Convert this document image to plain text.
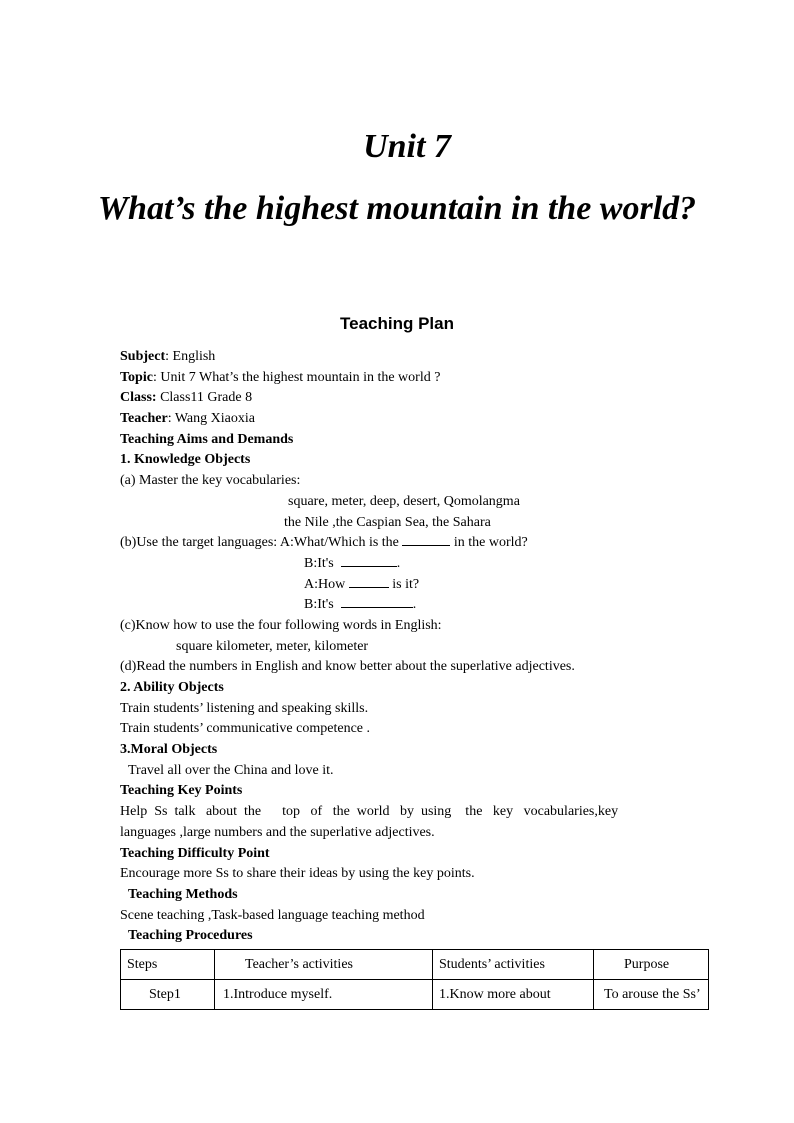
Unit 7
What’s the highest mountain in the world?
Teaching Plan
Subject: English
Topic: Unit 7 What’s the highest mountain in the world ?
Class: Class11 Grade 8
Teacher: Wang Xiaoxia
Teaching Aims and Demands
1. Knowledge Objects
(a) Master the key vocabularies:
square, meter, deep, desert, Qomolangma
the Nile ,the Caspian Sea, the Sahara
(b)Use the target languages: A:What/Which is the	in the world?
B:It's	.
A:How	is it?
B:It's	.
(c)Know how to use the four following words in English:
square kilometer, meter, kilometer
(d)Read the numbers in English and know better about the superlative adjectives.
2. Ability Objects
Train students’ listening and speaking skills.
Train students’ communicative competence .
3.Moral Objects
Travel all over the China and love it.
Teaching Key Points
Help  Ss  talk   about  the      top   of   the  world   by  using    the   key   vocabularies,key
languages ,large numbers and the superlative adjectives.
Teaching Difficulty Point
Encourage more Ss to share their ideas by using the key points.
Teaching Methods
Scene teaching ,Task-based language teaching method
Teaching Procedures
Steps	Teacher’s activities	Students’ activities	Purpose
Step1	1.Introduce myself.	1.Know more about	To arouse the Ss’
